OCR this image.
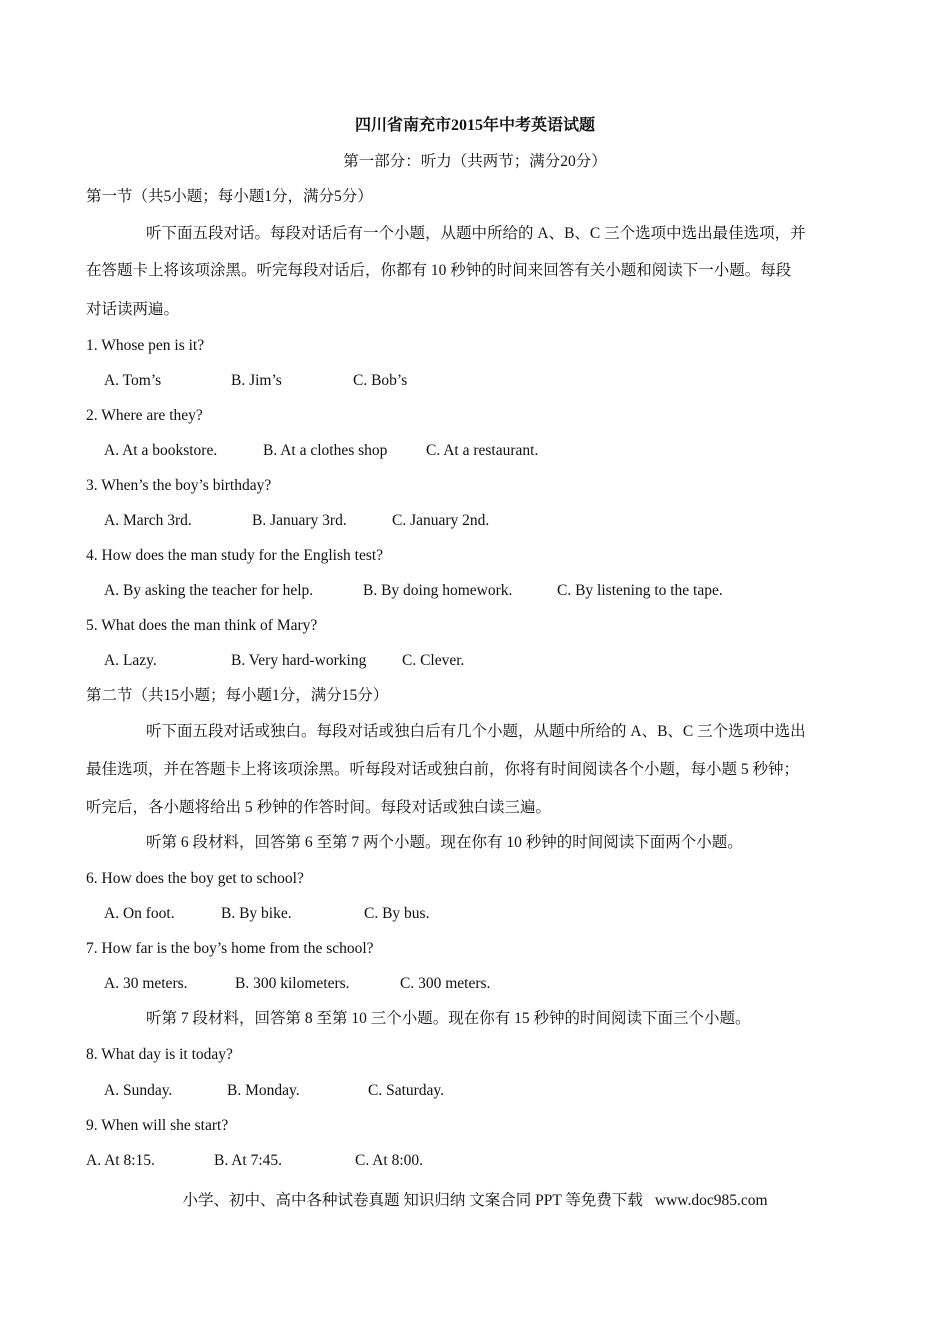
四川省南充市2015年中考英语试题
第一部分：听力（共两节；满分20分）
第一节（共5小题；每小题1分，满分5分）
听下面五段对话。每段对话后有一个小题，从题中所给的 A、B、C 三个选项中选出最佳选项，并
在答题卡上将该项涂黑。听完每段对话后，你都有 10 秒钟的时间来回答有关小题和阅读下一小题。每段
对话读两遍。
1. Whose pen is it?
A. Tom’s	B. Jim’s	C. Bob’s
2. Where are they?
A. At a bookstore.	B. At a clothes shop C. At a restaurant.
3. When’s the boy’s birthday?
A. March 3rd.	B. January 3rd.	C. January 2nd.
4. How does the man study for the English test?
A. By asking the teacher for help.	B. By doing homework.	C. By listening to the tape.
5. What does the man think of Mary?
A. Lazy.	B. Very hard-working C. Clever.
第二节（共15小题；每小题1分，满分15分）
听下面五段对话或独白。每段对话或独白后有几个小题，从题中所给的 A、B、C 三个选项中选出
最佳选项，并在答题卡上将该项涂黑。听每段对话或独白前，你将有时间阅读各个小题，每小题 5 秒钟；
听完后，各小题将给出 5 秒钟的作答时间。每段对话或独白读三遍。
听第 6 段材料，回答第 6 至第 7 两个小题。现在你有 10 秒钟的时间阅读下面两个小题。
6. How does the boy get to school?
A. On foot.	B. By bike.	C. By bus.
7. How far is the boy’s home from the school?
A. 30 meters.	B. 300 kilometers.	C. 300 meters.
听第 7 段材料，回答第 8 至第 10 三个小题。现在你有 15 秒钟的时间阅读下面三个小题。
8. What day is it today?
A. Sunday.	B. Monday.	C. Saturday.
9. When will she start?
A. At 8:15.	B. At 7:45.	C. At 8:00.
小学、初中、高中各种试卷真题 知识归纳 文案合同 PPT 等免费下载 www.doc985.com
